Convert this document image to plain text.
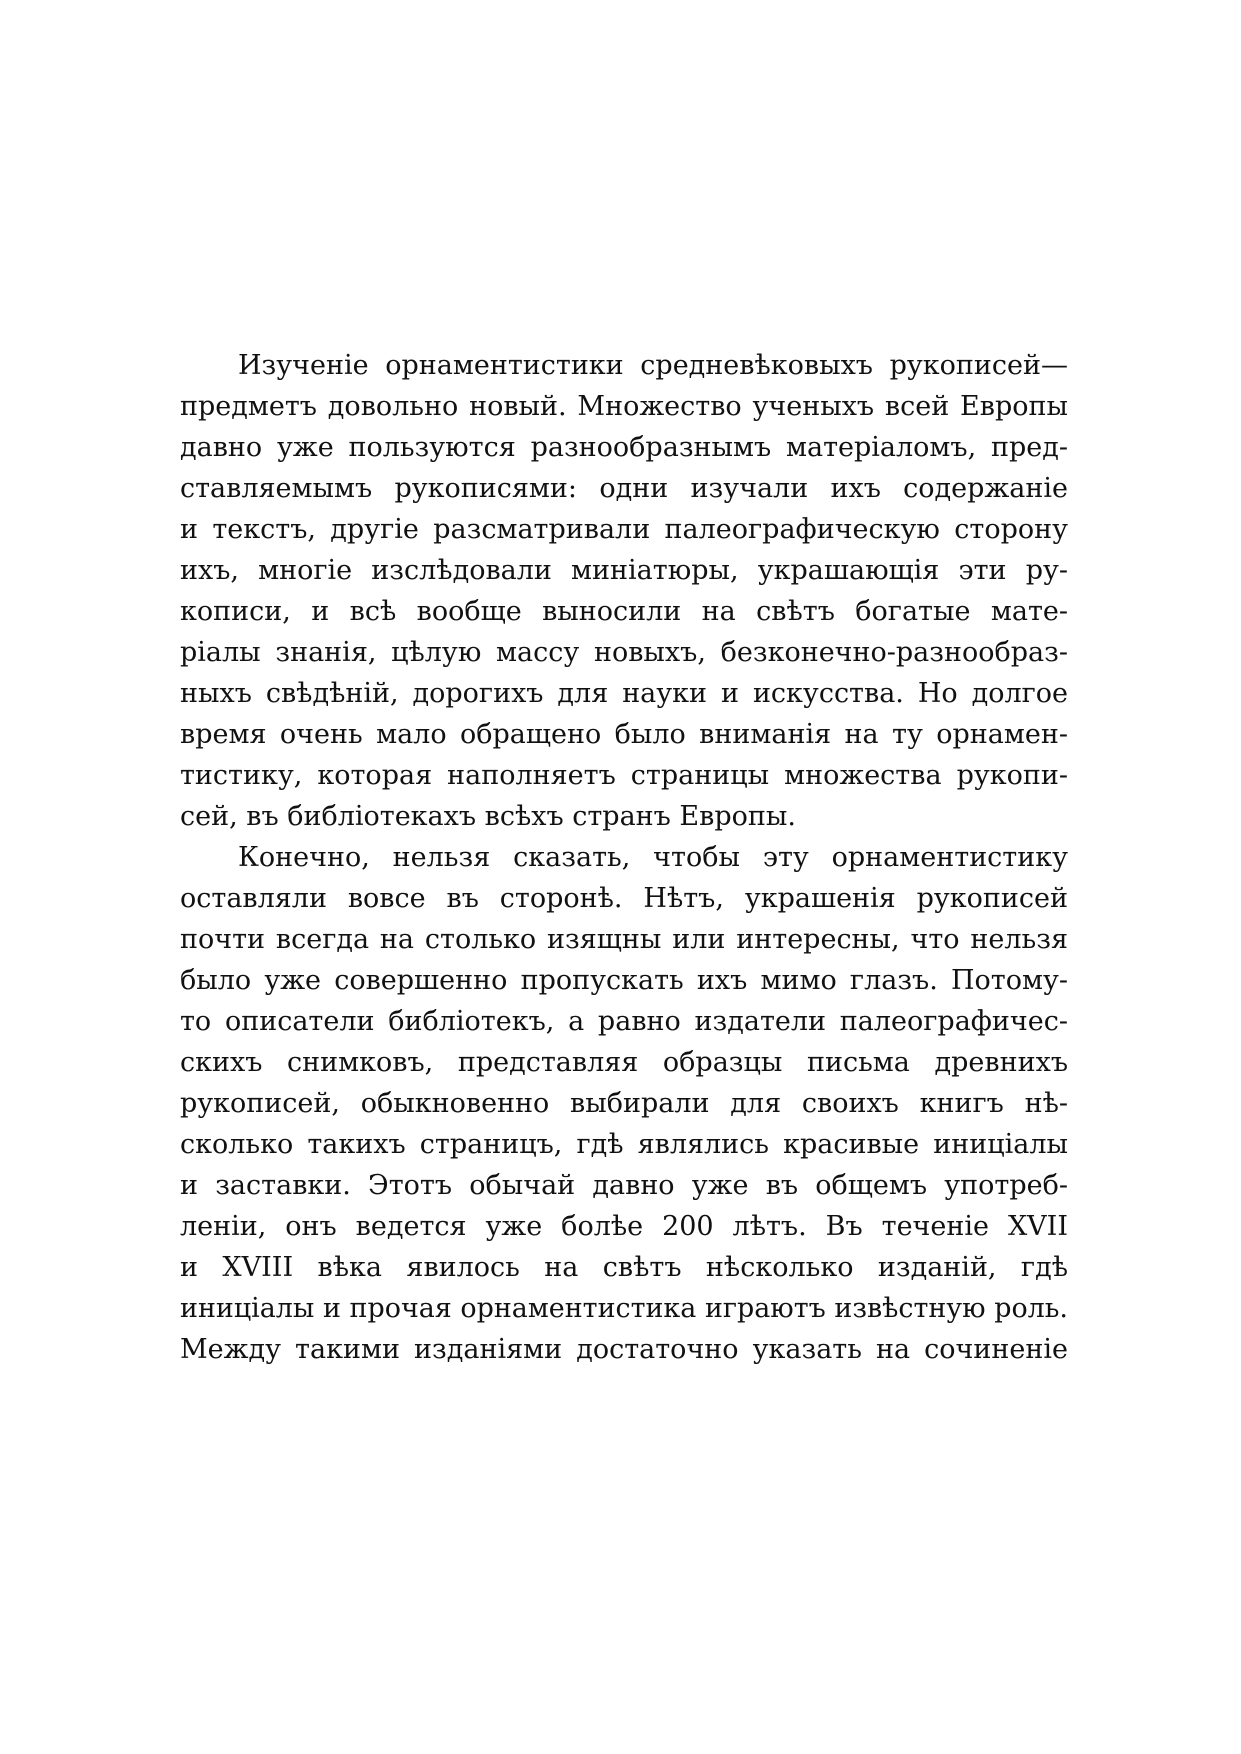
Изученіе орнаментистики средневѣковыхъ рукописей—
предметъ довольно новый. Множество ученыхъ всей Европы
давно уже пользуются разнообразнымъ матеріаломъ, пред-
ставляемымъ рукописями: одни изучали ихъ содержаніе
и текстъ, другіе разсматривали палеографическую сторону
ихъ, многіе изслѣдовали миніатюры, украшающія эти ру-
кописи, и всѣ вообще выносили на свѣтъ богатые мате-
ріалы знанія, цѣлую массу новыхъ, безконечно-разнообраз-
ныхъ свѣдѣній, дорогихъ для науки и искусства. Но долгое
время очень мало обращено было вниманія на ту орнамен-
тистику, которая наполняетъ страницы множества рукопи-
сей, въ библіотекахъ всѣхъ странъ Европы.
Конечно, нельзя сказать, чтобы эту орнаментистику
оставляли вовсе въ сторонѣ. Нѣтъ, украшенія рукописей
почти всегда на столько изящны или интересны, что нельзя
было уже совершенно пропускать ихъ мимо глазъ. Потому-
то описатели библіотекъ, а равно издатели палеографичес-
скихъ снимковъ, представляя образцы письма древнихъ
рукописей, обыкновенно выбирали для своихъ книгъ нѣ-
сколько такихъ страницъ, гдѣ являлись красивые иниціалы
и заставки. Этотъ обычай давно уже въ общемъ употреб-
леніи, онъ ведется уже болѣе 200 лѣтъ. Въ теченіе XVII
и XVIII вѣка явилось на свѣтъ нѣсколько изданій, гдѣ
иниціалы и прочая орнаментистика играютъ извѣстную роль.
Между такими изданіями достаточно указать на сочиненіе
